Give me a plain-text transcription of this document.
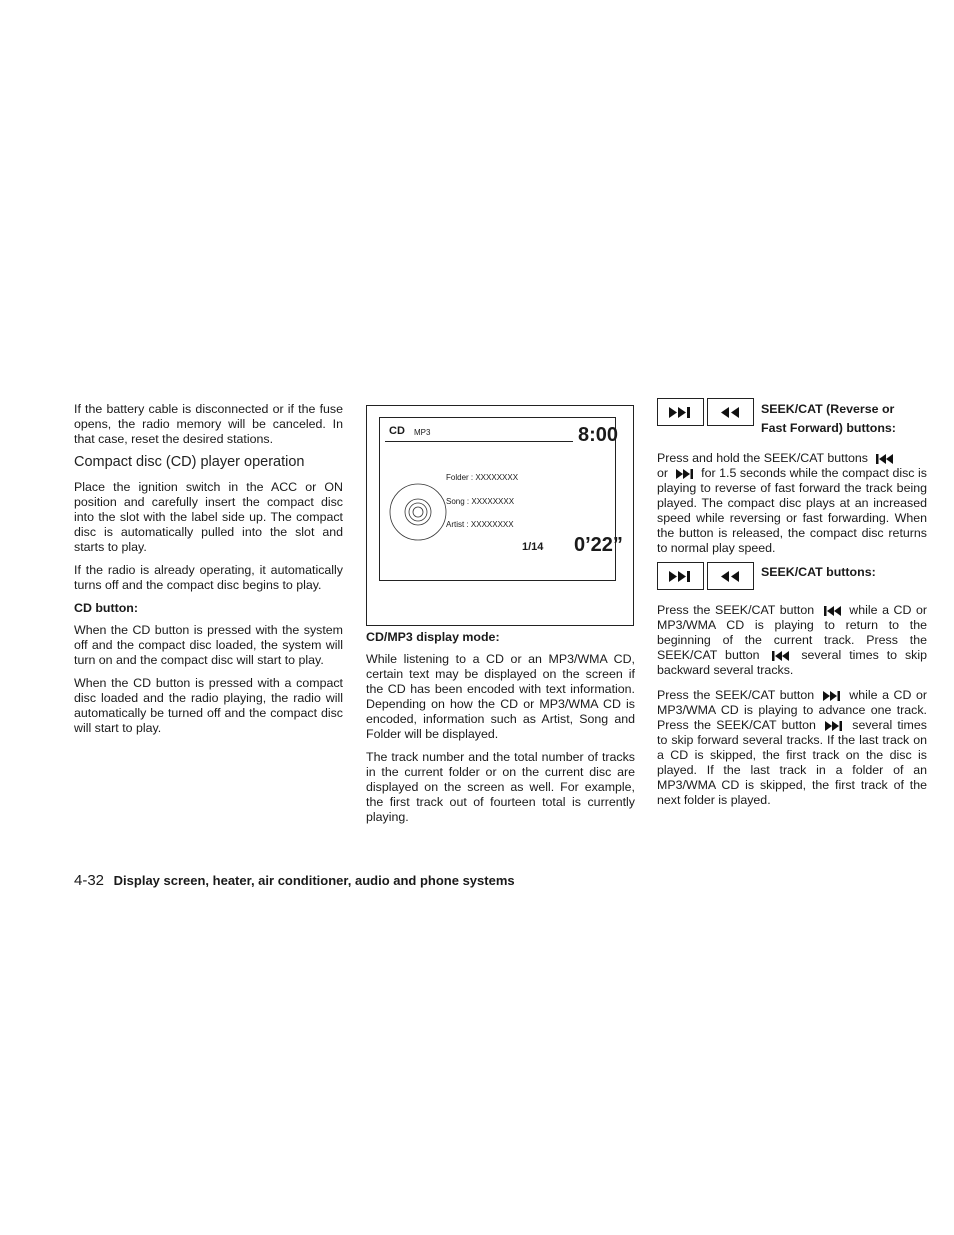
If the battery cable is disconnected or if the fuse opens, the radio memory will be canceled. In that case, reset the desired stations.

Compact disc (CD) player operation

Place the ignition switch in the ACC or ON position and carefully insert the compact disc into the slot with the label side up. The compact disc is automatically pulled into the slot and starts to play.

If the radio is already operating, it automatically turns off and the compact disc begins to play.

CD button:

When the CD button is pressed with the system off and the compact disc loaded, the system will turn on and the compact disc will start to play.

When the CD button is pressed with a compact disc loaded and the radio playing, the radio will automatically be turned off and the compact disc will start to play.

CD MP3	8:00
Folder : XXXXXXXX
Song : XXXXXXXX
Artist : XXXXXXXX
1/14 0’22”
CD/MP3 display mode:

While listening to a CD or an MP3/WMA CD, certain text may be displayed on the screen if the CD has been encoded with text information. Depending on how the CD or MP3/WMA CD is encoded, information such as Artist, Song and Folder will be displayed.

The track number and the total number of tracks in the current folder or on the current disc are displayed on the screen as well. For example, the first track out of fourteen total is currently playing.

SEEK/CAT (Reverse or
Fast Forward) buttons:
SEEK/CAT buttons:

Press and hold the SEEK/CAT buttons

or	for 1.5 seconds while the compact disc is playing to reverse of fast forward the track being played. The compact disc plays at an increased speed while reversing or fast forwarding. When the button is released, the compact disc returns to normal play speed.

Press the SEEK/CAT button	while a CD or MP3/WMA CD is playing to return to the beginning of the current track. Press the SEEK/CAT button	several times to skip backward several tracks.

Press the SEEK/CAT button	while a CD or MP3/WMA CD is playing to advance one track. Press the SEEK/CAT button	several times to skip forward several tracks. If the last track on a CD is skipped, the first track on the disc is played. If the last track in a folder of an MP3/WMA CD is skipped, the first track of the next folder is played.

4-32 Display screen, heater, air conditioner, audio and phone systems
